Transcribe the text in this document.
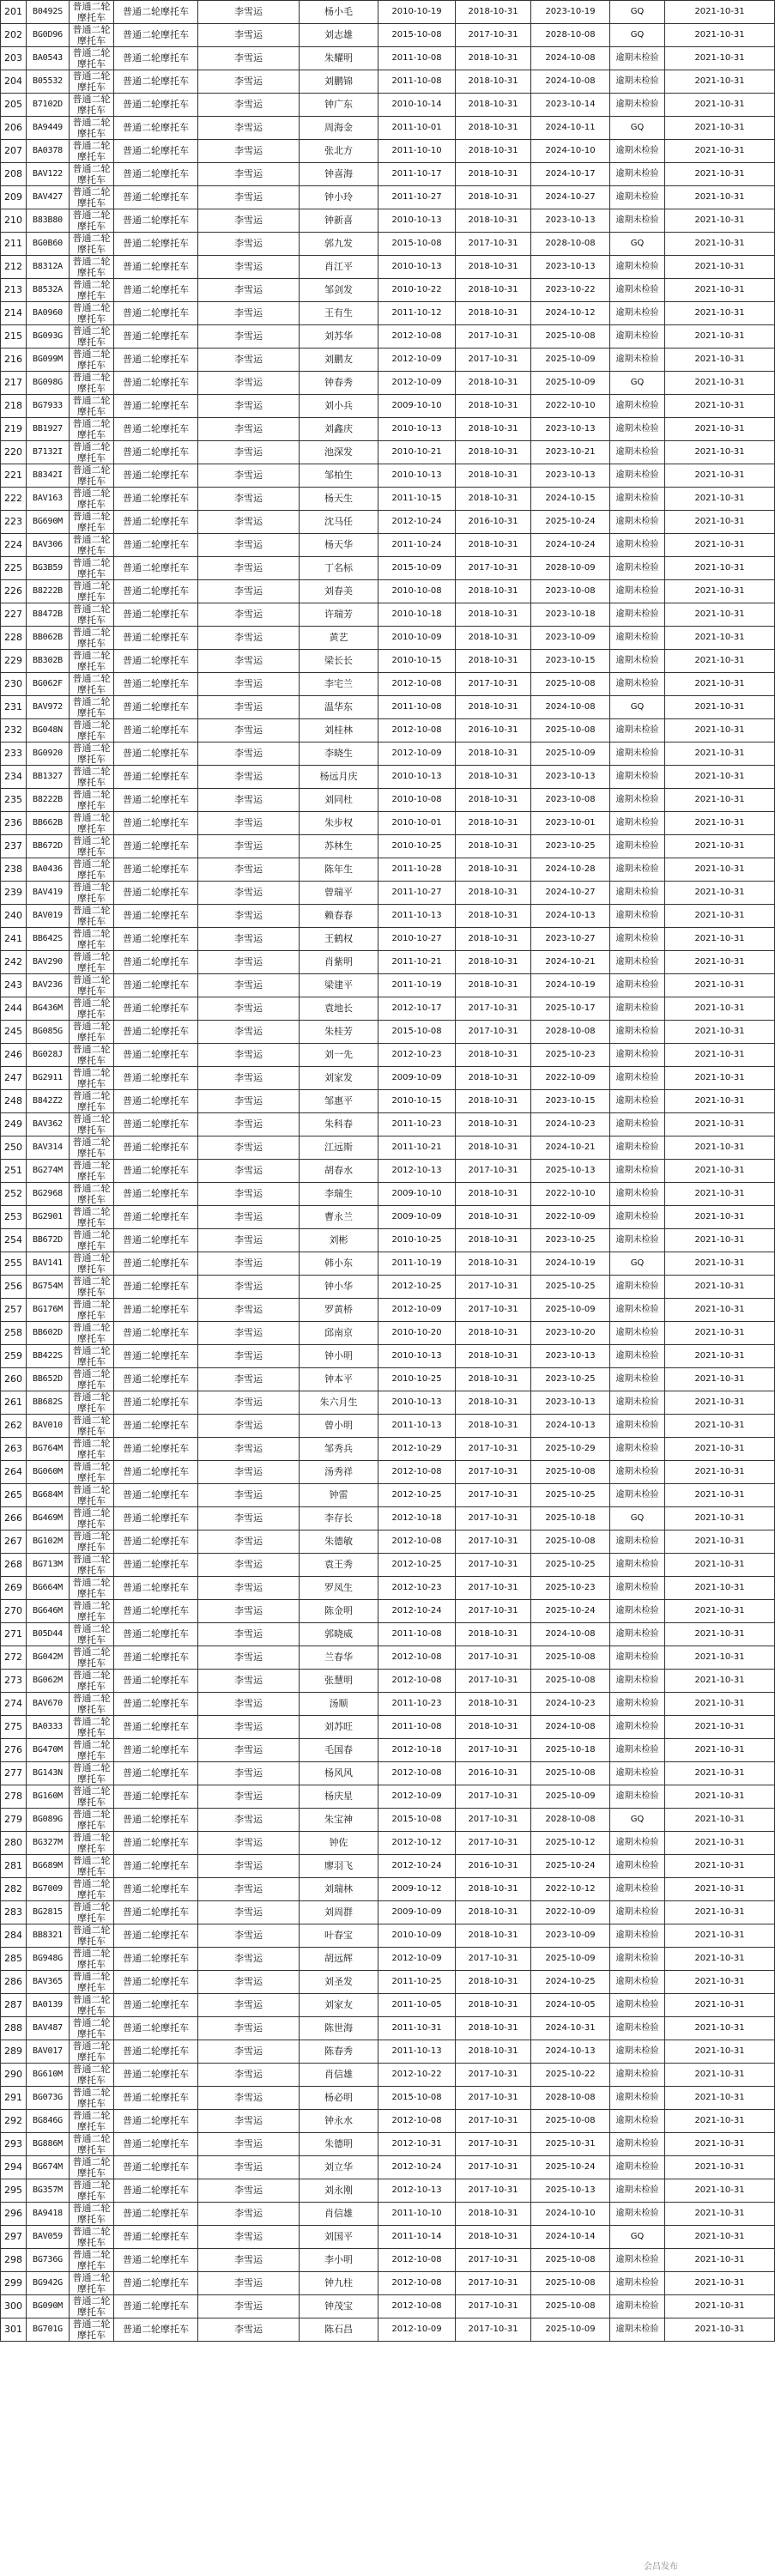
201	B0492S	普通二轮摩托车	普通二轮摩托车	李雪运	杨小毛	2010-10-19	2018-10-31	2023-10-19	GQ	2021-10-31
202	BG0D96	普通二轮摩托车	普通二轮摩托车	李雪运	刘志雄	2015-10-08	2017-10-31	2028-10-08	GQ	2021-10-31
203	BA0543	普通二轮摩托车	普通二轮摩托车	李雪运	朱耀明	2011-10-08	2018-10-31	2024-10-08	逾期未检验	2021-10-31
204	B05532	普通二轮摩托车	普通二轮摩托车	李雪运	刘鹏锦	2011-10-08	2018-10-31	2024-10-08	逾期未检验	2021-10-31
205	B7102D	普通二轮摩托车	普通二轮摩托车	李雪运	钟广东	2010-10-14	2018-10-31	2023-10-14	逾期未检验	2021-10-31
206	BA9449	普通二轮摩托车	普通二轮摩托车	李雪运	周海金	2011-10-01	2018-10-31	2024-10-11	GQ	2021-10-31
207	BA0378	普通二轮摩托车	普通二轮摩托车	李雪运	张北方	2011-10-10	2018-10-31	2024-10-10	逾期未检验	2021-10-31
208	BAV122	普通二轮摩托车	普通二轮摩托车	李雪运	钟喜海	2011-10-17	2018-10-31	2024-10-17	逾期未检验	2021-10-31
209	BAV427	普通二轮摩托车	普通二轮摩托车	李雪运	钟小玲	2011-10-27	2018-10-31	2024-10-27	逾期未检验	2021-10-31
210	B83B80	普通二轮摩托车	普通二轮摩托车	李雪运	钟新喜	2010-10-13	2018-10-31	2023-10-13	逾期未检验	2021-10-31
211	BG0B60	普通二轮摩托车	普通二轮摩托车	李雪运	郭九发	2015-10-08	2017-10-31	2028-10-08	GQ	2021-10-31
212	B8312A	普通二轮摩托车	普通二轮摩托车	李雪运	肖江平	2010-10-13	2018-10-31	2023-10-13	逾期未检验	2021-10-31
213	B8532A	普通二轮摩托车	普通二轮摩托车	李雪运	邹剑发	2010-10-22	2018-10-31	2023-10-22	逾期未检验	2021-10-31
214	BA0960	普通二轮摩托车	普通二轮摩托车	李雪运	王有生	2011-10-12	2018-10-31	2024-10-12	逾期未检验	2021-10-31
215	BG093G	普通二轮摩托车	普通二轮摩托车	李雪运	刘苏华	2012-10-08	2017-10-31	2025-10-08	逾期未检验	2021-10-31
216	BG099M	普通二轮摩托车	普通二轮摩托车	李雪运	刘鹏友	2012-10-09	2017-10-31	2025-10-09	逾期未检验	2021-10-31
217	BG098G	普通二轮摩托车	普通二轮摩托车	李雪运	钟春秀	2012-10-09	2018-10-31	2025-10-09	GQ	2021-10-31
218	BG7933	普通二轮摩托车	普通二轮摩托车	李雪运	刘小兵	2009-10-10	2018-10-31	2022-10-10	逾期未检验	2021-10-31
219	BB1927	普通二轮摩托车	普通二轮摩托车	李雪运	刘鑫庆	2010-10-13	2018-10-31	2023-10-13	逾期未检验	2021-10-31
220	B7132I	普通二轮摩托车	普通二轮摩托车	李雪运	池深发	2010-10-21	2018-10-31	2023-10-21	逾期未检验	2021-10-31
221	B8342I	普通二轮摩托车	普通二轮摩托车	李雪运	邹柏生	2010-10-13	2018-10-31	2023-10-13	逾期未检验	2021-10-31
222	BAV163	普通二轮摩托车	普通二轮摩托车	李雪运	杨天生	2011-10-15	2018-10-31	2024-10-15	逾期未检验	2021-10-31
223	BG690M	普通二轮摩托车	普通二轮摩托车	李雪运	沈马任	2012-10-24	2016-10-31	2025-10-24	逾期未检验	2021-10-31
224	BAV306	普通二轮摩托车	普通二轮摩托车	李雪运	杨天华	2011-10-24	2018-10-31	2024-10-24	逾期未检验	2021-10-31
225	BG3B59	普通二轮摩托车	普通二轮摩托车	李雪运	丁名标	2015-10-09	2017-10-31	2028-10-09	逾期未检验	2021-10-31
226	B8222B	普通二轮摩托车	普通二轮摩托车	李雪运	刘春美	2010-10-08	2018-10-31	2023-10-08	逾期未检验	2021-10-31
227	B8472B	普通二轮摩托车	普通二轮摩托车	李雪运	许瑞芳	2010-10-18	2018-10-31	2023-10-18	逾期未检验	2021-10-31
228	BB062B	普通二轮摩托车	普通二轮摩托车	李雪运	黄艺	2010-10-09	2018-10-31	2023-10-09	逾期未检验	2021-10-31
229	BB302B	普通二轮摩托车	普通二轮摩托车	李雪运	梁长长	2010-10-15	2018-10-31	2023-10-15	逾期未检验	2021-10-31
230	BG062F	普通二轮摩托车	普通二轮摩托车	李雪运	李宅兰	2012-10-08	2017-10-31	2025-10-08	逾期未检验	2021-10-31
231	BAV972	普通二轮摩托车	普通二轮摩托车	李雪运	温华东	2011-10-08	2018-10-31	2024-10-08	GQ	2021-10-31
232	BG048N	普通二轮摩托车	普通二轮摩托车	李雪运	刘桂林	2012-10-08	2016-10-31	2025-10-08	逾期未检验	2021-10-31
233	BG0920	普通二轮摩托车	普通二轮摩托车	李雪运	李晓生	2012-10-09	2018-10-31	2025-10-09	逾期未检验	2021-10-31
234	BB1327	普通二轮摩托车	普通二轮摩托车	李雪运	杨远月庆	2010-10-13	2018-10-31	2023-10-13	逾期未检验	2021-10-31
235	B8222B	普通二轮摩托车	普通二轮摩托车	李雪运	刘同杜	2010-10-08	2018-10-31	2023-10-08	逾期未检验	2021-10-31
236	BB662B	普通二轮摩托车	普通二轮摩托车	李雪运	朱步权	2010-10-01	2018-10-31	2023-10-01	逾期未检验	2021-10-31
237	BB672D	普通二轮摩托车	普通二轮摩托车	李雪运	苏林生	2010-10-25	2018-10-31	2023-10-25	逾期未检验	2021-10-31
238	BA0436	普通二轮摩托车	普通二轮摩托车	李雪运	陈年生	2011-10-28	2018-10-31	2024-10-28	逾期未检验	2021-10-31
239	BAV419	普通二轮摩托车	普通二轮摩托车	李雪运	曾瑞平	2011-10-27	2018-10-31	2024-10-27	逾期未检验	2021-10-31
240	BAV019	普通二轮摩托车	普通二轮摩托车	李雪运	赖春春	2011-10-13	2018-10-31	2024-10-13	逾期未检验	2021-10-31
241	BB642S	普通二轮摩托车	普通二轮摩托车	李雪运	王鹤权	2010-10-27	2018-10-31	2023-10-27	逾期未检验	2021-10-31
242	BAV290	普通二轮摩托车	普通二轮摩托车	李雪运	肖紫明	2011-10-21	2018-10-31	2024-10-21	逾期未检验	2021-10-31
243	BAV236	普通二轮摩托车	普通二轮摩托车	李雪运	梁建平	2011-10-19	2018-10-31	2024-10-19	逾期未检验	2021-10-31
244	BG436M	普通二轮摩托车	普通二轮摩托车	李雪运	袁地长	2012-10-17	2017-10-31	2025-10-17	逾期未检验	2021-10-31
245	BG085G	普通二轮摩托车	普通二轮摩托车	李雪运	朱桂芳	2015-10-08	2017-10-31	2028-10-08	逾期未检验	2021-10-31
246	BG028J	普通二轮摩托车	普通二轮摩托车	李雪运	刘一先	2012-10-23	2018-10-31	2025-10-23	逾期未检验	2021-10-31
247	BG2911	普通二轮摩托车	普通二轮摩托车	李雪运	刘家发	2009-10-09	2018-10-31	2022-10-09	逾期未检验	2021-10-31
248	B842Z2	普通二轮摩托车	普通二轮摩托车	李雪运	邹惠平	2010-10-15	2018-10-31	2023-10-15	逾期未检验	2021-10-31
249	BAV362	普通二轮摩托车	普通二轮摩托车	李雪运	朱科春	2011-10-23	2018-10-31	2024-10-23	逾期未检验	2021-10-31
250	BAV314	普通二轮摩托车	普通二轮摩托车	李雪运	江远斯	2011-10-21	2018-10-31	2024-10-21	逾期未检验	2021-10-31
251	BG274M	普通二轮摩托车	普通二轮摩托车	李雪运	胡春水	2012-10-13	2017-10-31	2025-10-13	逾期未检验	2021-10-31
252	BG2968	普通二轮摩托车	普通二轮摩托车	李雪运	李瑞生	2009-10-10	2018-10-31	2022-10-10	逾期未检验	2021-10-31
253	BG2901	普通二轮摩托车	普通二轮摩托车	李雪运	曹永兰	2009-10-09	2018-10-31	2022-10-09	逾期未检验	2021-10-31
254	BB672D	普通二轮摩托车	普通二轮摩托车	李雪运	刘彬	2010-10-25	2018-10-31	2023-10-25	逾期未检验	2021-10-31
255	BAV141	普通二轮摩托车	普通二轮摩托车	李雪运	韩小东	2011-10-19	2018-10-31	2024-10-19	GQ	2021-10-31
256	BG754M	普通二轮摩托车	普通二轮摩托车	李雪运	钟小华	2012-10-25	2017-10-31	2025-10-25	逾期未检验	2021-10-31
257	BG176M	普通二轮摩托车	普通二轮摩托车	李雪运	罗黄桥	2012-10-09	2017-10-31	2025-10-09	逾期未检验	2021-10-31
258	BB602D	普通二轮摩托车	普通二轮摩托车	李雪运	邱南京	2010-10-20	2018-10-31	2023-10-20	逾期未检验	2021-10-31
259	BB422S	普通二轮摩托车	普通二轮摩托车	李雪运	钟小明	2010-10-13	2018-10-31	2023-10-13	逾期未检验	2021-10-31
260	BB652D	普通二轮摩托车	普通二轮摩托车	李雪运	钟本平	2010-10-25	2018-10-31	2023-10-25	逾期未检验	2021-10-31
261	BB682S	普通二轮摩托车	普通二轮摩托车	李雪运	朱六月生	2010-10-13	2018-10-31	2023-10-13	逾期未检验	2021-10-31
262	BAV010	普通二轮摩托车	普通二轮摩托车	李雪运	曾小明	2011-10-13	2018-10-31	2024-10-13	逾期未检验	2021-10-31
263	BG764M	普通二轮摩托车	普通二轮摩托车	李雪运	邹秀兵	2012-10-29	2017-10-31	2025-10-29	逾期未检验	2021-10-31
264	BG060M	普通二轮摩托车	普通二轮摩托车	李雪运	汤秀祥	2012-10-08	2017-10-31	2025-10-08	逾期未检验	2021-10-31
265	BG684M	普通二轮摩托车	普通二轮摩托车	李雪运	钟雷	2012-10-25	2017-10-31	2025-10-25	逾期未检验	2021-10-31
266	BG469M	普通二轮摩托车	普通二轮摩托车	李雪运	李存长	2012-10-18	2017-10-31	2025-10-18	GQ	2021-10-31
267	BG102M	普通二轮摩托车	普通二轮摩托车	李雪运	朱德敏	2012-10-08	2017-10-31	2025-10-08	逾期未检验	2021-10-31
268	BG713M	普通二轮摩托车	普通二轮摩托车	李雪运	袁王秀	2012-10-25	2017-10-31	2025-10-25	逾期未检验	2021-10-31
269	BG664M	普通二轮摩托车	普通二轮摩托车	李雪运	罗凤生	2012-10-23	2017-10-31	2025-10-23	逾期未检验	2021-10-31
270	BG646M	普通二轮摩托车	普通二轮摩托车	李雪运	陈金明	2012-10-24	2017-10-31	2025-10-24	逾期未检验	2021-10-31
271	B05D44	普通二轮摩托车	普通二轮摩托车	李雪运	郭晓威	2011-10-08	2018-10-31	2024-10-08	逾期未检验	2021-10-31
272	BG042M	普通二轮摩托车	普通二轮摩托车	李雪运	兰春华	2012-10-08	2017-10-31	2025-10-08	逾期未检验	2021-10-31
273	BG062M	普通二轮摩托车	普通二轮摩托车	李雪运	张慧明	2012-10-08	2017-10-31	2025-10-08	逾期未检验	2021-10-31
274	BAV670	普通二轮摩托车	普通二轮摩托车	李雪运	汤顺	2011-10-23	2018-10-31	2024-10-23	逾期未检验	2021-10-31
275	BA0333	普通二轮摩托车	普通二轮摩托车	李雪运	刘苏旺	2011-10-08	2018-10-31	2024-10-08	逾期未检验	2021-10-31
276	BG470M	普通二轮摩托车	普通二轮摩托车	李雪运	毛国春	2012-10-18	2017-10-31	2025-10-18	逾期未检验	2021-10-31
277	BG143N	普通二轮摩托车	普通二轮摩托车	李雪运	杨风风	2012-10-08	2016-10-31	2025-10-08	逾期未检验	2021-10-31
278	BG160M	普通二轮摩托车	普通二轮摩托车	李雪运	杨庆星	2012-10-09	2017-10-31	2025-10-09	逾期未检验	2021-10-31
279	BG089G	普通二轮摩托车	普通二轮摩托车	李雪运	朱宝神	2015-10-08	2017-10-31	2028-10-08	GQ	2021-10-31
280	BG327M	普通二轮摩托车	普通二轮摩托车	李雪运	钟佐	2012-10-12	2017-10-31	2025-10-12	逾期未检验	2021-10-31
281	BG689M	普通二轮摩托车	普通二轮摩托车	李雪运	廖羽飞	2012-10-24	2016-10-31	2025-10-24	逾期未检验	2021-10-31
282	BG7009	普通二轮摩托车	普通二轮摩托车	李雪运	刘瑞林	2009-10-12	2018-10-31	2022-10-12	逾期未检验	2021-10-31
283	BG2815	普通二轮摩托车	普通二轮摩托车	李雪运	刘周群	2009-10-09	2018-10-31	2022-10-09	逾期未检验	2021-10-31
284	BB8321	普通二轮摩托车	普通二轮摩托车	李雪运	叶春宝	2010-10-09	2018-10-31	2023-10-09	逾期未检验	2021-10-31
285	BG948G	普通二轮摩托车	普通二轮摩托车	李雪运	胡远辉	2012-10-09	2017-10-31	2025-10-09	逾期未检验	2021-10-31
286	BAV365	普通二轮摩托车	普通二轮摩托车	李雪运	刘圣发	2011-10-25	2018-10-31	2024-10-25	逾期未检验	2021-10-31
287	BA0139	普通二轮摩托车	普通二轮摩托车	李雪运	刘家友	2011-10-05	2018-10-31	2024-10-05	逾期未检验	2021-10-31
288	BAV487	普通二轮摩托车	普通二轮摩托车	李雪运	陈世海	2011-10-31	2018-10-31	2024-10-31	逾期未检验	2021-10-31
289	BAV017	普通二轮摩托车	普通二轮摩托车	李雪运	陈春秀	2011-10-13	2018-10-31	2024-10-13	逾期未检验	2021-10-31
290	BG610M	普通二轮摩托车	普通二轮摩托车	李雪运	肖信雄	2012-10-22	2017-10-31	2025-10-22	逾期未检验	2021-10-31
291	BG073G	普通二轮摩托车	普通二轮摩托车	李雪运	杨必明	2015-10-08	2017-10-31	2028-10-08	逾期未检验	2021-10-31
292	BG846G	普通二轮摩托车	普通二轮摩托车	李雪运	钟永水	2012-10-08	2017-10-31	2025-10-08	逾期未检验	2021-10-31
293	BG886M	普通二轮摩托车	普通二轮摩托车	李雪运	朱德明	2012-10-31	2017-10-31	2025-10-31	逾期未检验	2021-10-31
294	BG674M	普通二轮摩托车	普通二轮摩托车	李雪运	刘立华	2012-10-24	2017-10-31	2025-10-24	逾期未检验	2021-10-31
295	BG357M	普通二轮摩托车	普通二轮摩托车	李雪运	刘永刚	2012-10-13	2017-10-31	2025-10-13	逾期未检验	2021-10-31
296	BA9418	普通二轮摩托车	普通二轮摩托车	李雪运	肖信雄	2011-10-10	2018-10-31	2024-10-10	逾期未检验	2021-10-31
297	BAV059	普通二轮摩托车	普通二轮摩托车	李雪运	刘国平	2011-10-14	2018-10-31	2024-10-14	GQ	2021-10-31
298	BG736G	普通二轮摩托车	普通二轮摩托车	李雪运	李小明	2012-10-08	2017-10-31	2025-10-08	逾期未检验	2021-10-31
299	BG942G	普通二轮摩托车	普通二轮摩托车	李雪运	钟九柱	2012-10-08	2017-10-31	2025-10-08	逾期未检验	2021-10-31
300	BG090M	普通二轮摩托车	普通二轮摩托车	李雪运	钟茂宝	2012-10-08	2017-10-31	2025-10-08	逾期未检验	2021-10-31
301	BG701G	普通二轮摩托车	普通二轮摩托车	李雪运	陈石昌	2012-10-09	2017-10-31	2025-10-09	逾期未检验	2021-10-31
会昌发布
